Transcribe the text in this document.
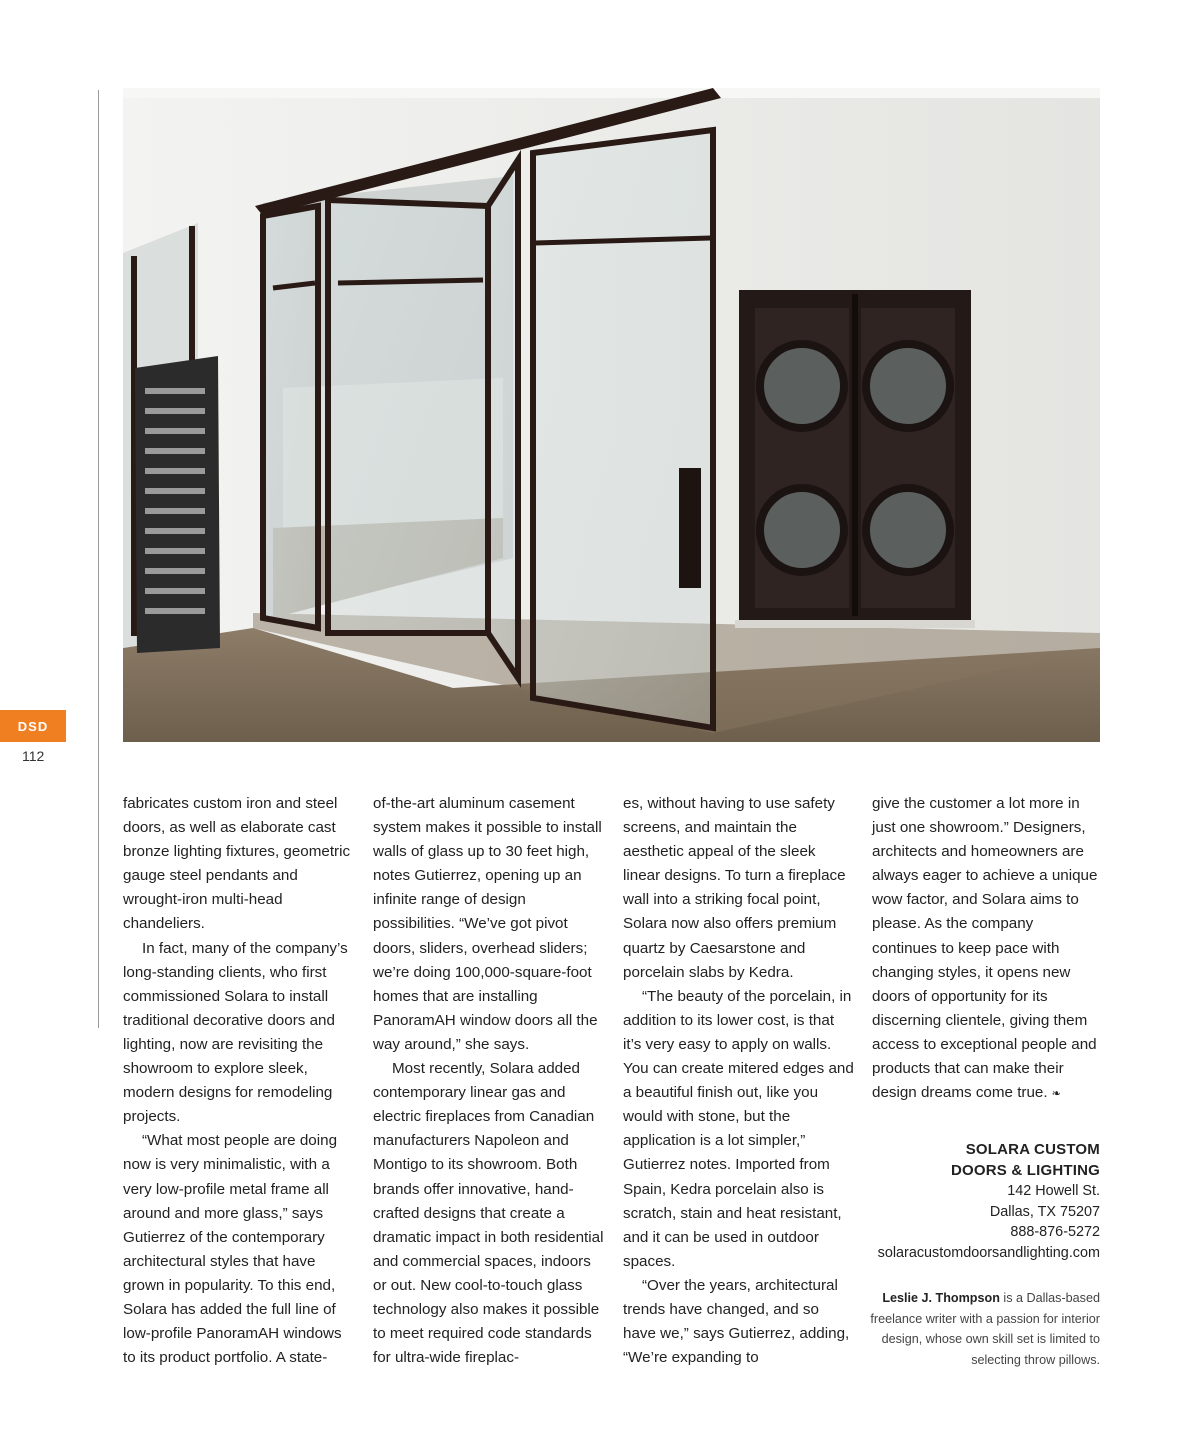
DSD
112

fabricates custom iron and steel doors, as well as elaborate cast bronze lighting fixtures, geometric gauge steel pendants and wrought-iron multi-head chandeliers.

In fact, many of the company’s long-standing clients, who first commissioned Solara to install traditional decorative doors and lighting, now are revisiting the showroom to explore sleek, modern designs for remodeling projects.

“What most people are doing now is very minimalistic, with a very low-profile metal frame all around and more glass,” says Gutierrez of the contemporary architectural styles that have grown in popularity. To this end, Solara has added the full line of low-profile PanoramAH windows to its product portfolio. A state-

of-the-art aluminum casement system makes it possible to install walls of glass up to 30 feet high, notes Gutierrez, opening up an infinite range of design possibilities. “We’ve got pivot doors, sliders, overhead sliders; we’re doing 100,000-square-foot homes that are installing PanoramAH window doors all the way around,” she says.

Most recently, Solara added contemporary linear gas and electric fireplaces from Canadian manufacturers Napoleon and Montigo to its showroom. Both brands offer innovative, hand-crafted designs that create a dramatic impact in both residential and commercial spaces, indoors or out. New cool-to-touch glass technology also makes it possible to meet required code standards for ultra-wide fireplac-

es, without having to use safety screens, and maintain the aesthetic appeal of the sleek linear designs. To turn a fireplace wall into a striking focal point, Solara now also offers premium quartz by Caesarstone and porcelain slabs by Kedra.

“The beauty of the porcelain, in addition to its lower cost, is that it’s very easy to apply on walls. You can create mitered edges and a beautiful finish out, like you would with stone, but the application is a lot simpler,” Gutierrez notes. Imported from Spain, Kedra porcelain also is scratch, stain and heat resistant, and it can be used in outdoor spaces.

“Over the years, architectural trends have changed, and so have we,” says Gutierrez, adding, “We’re expanding to

give the customer a lot more in just one showroom.” Designers, architects and homeowners are always eager to achieve a unique wow factor, and Solara aims to please. As the company continues to keep pace with changing styles, it opens new doors of opportunity for its discerning clientele, giving them access to exceptional people and products that can make their design dreams come true. ❧

SOLARA CUSTOM
DOORS & LIGHTING
142 Howell St.
Dallas, TX 75207
888-876-5272
solaracustomdoorsandlighting.com
Leslie J. Thompson is a Dallas-based freelance writer with a passion for interior design, whose own skill set is limited to selecting throw pillows.
